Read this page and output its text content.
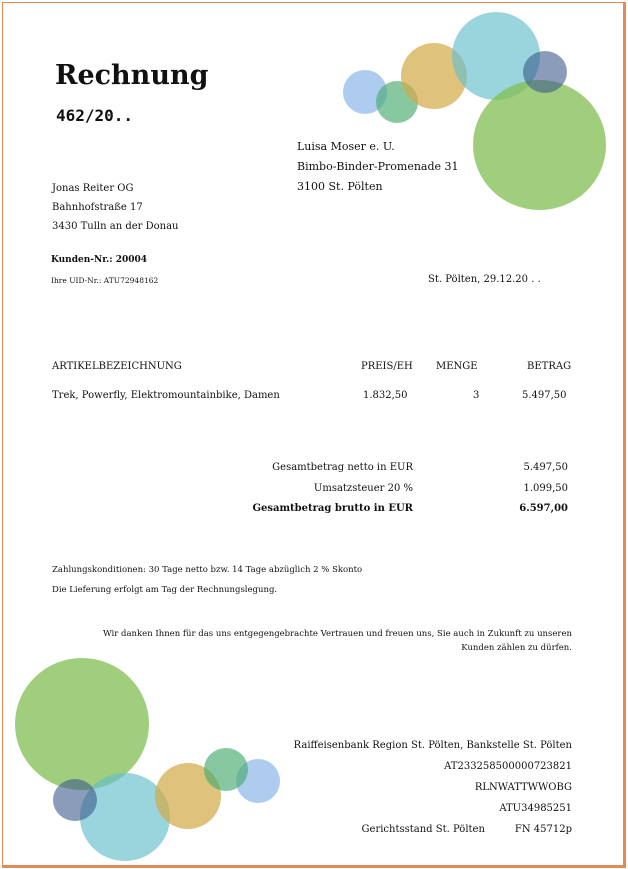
Rechnung
462/20..
Luisa Moser e. U.
Bimbo-Binder-Promenade 31
3100 St. Pölten
Jonas Reiter OG
Bahnhofstraße 17
3430 Tulln an der Donau
Kunden-Nr.: 20004
Ihre UID-Nr.: ATU72948162	St. Pölten, 29.12.20 . .
ARTIKELBEZEICHNUNG	PREIS/EH MENGE	BETRAG
Trek, Powerfly, Elektromountainbike, Damen	1.832,50	3	5.497,50
Gesamtbetrag netto in EUR	5.497,50
Umsatzsteuer 20 %	1.099,50
Gesamtbetrag brutto in EUR	6.597,00
Zahlungskonditionen: 30 Tage netto bzw. 14 Tage abzüglich 2 % Skonto
Die Lieferung erfolgt am Tag der Rechnungslegung.
Wir danken Ihnen für das uns entgegengebrachte Vertrauen und freuen uns, Sie auch in Zukunft zu unseren
Kunden zählen zu dürfen.
Raiffeisenbank Region St. Pölten, Bankstelle St. Pölten
AT233258500000723821
RLNWATTWWOBG
ATU34985251
Gerichtsstand St. Pölten	FN 45712p
